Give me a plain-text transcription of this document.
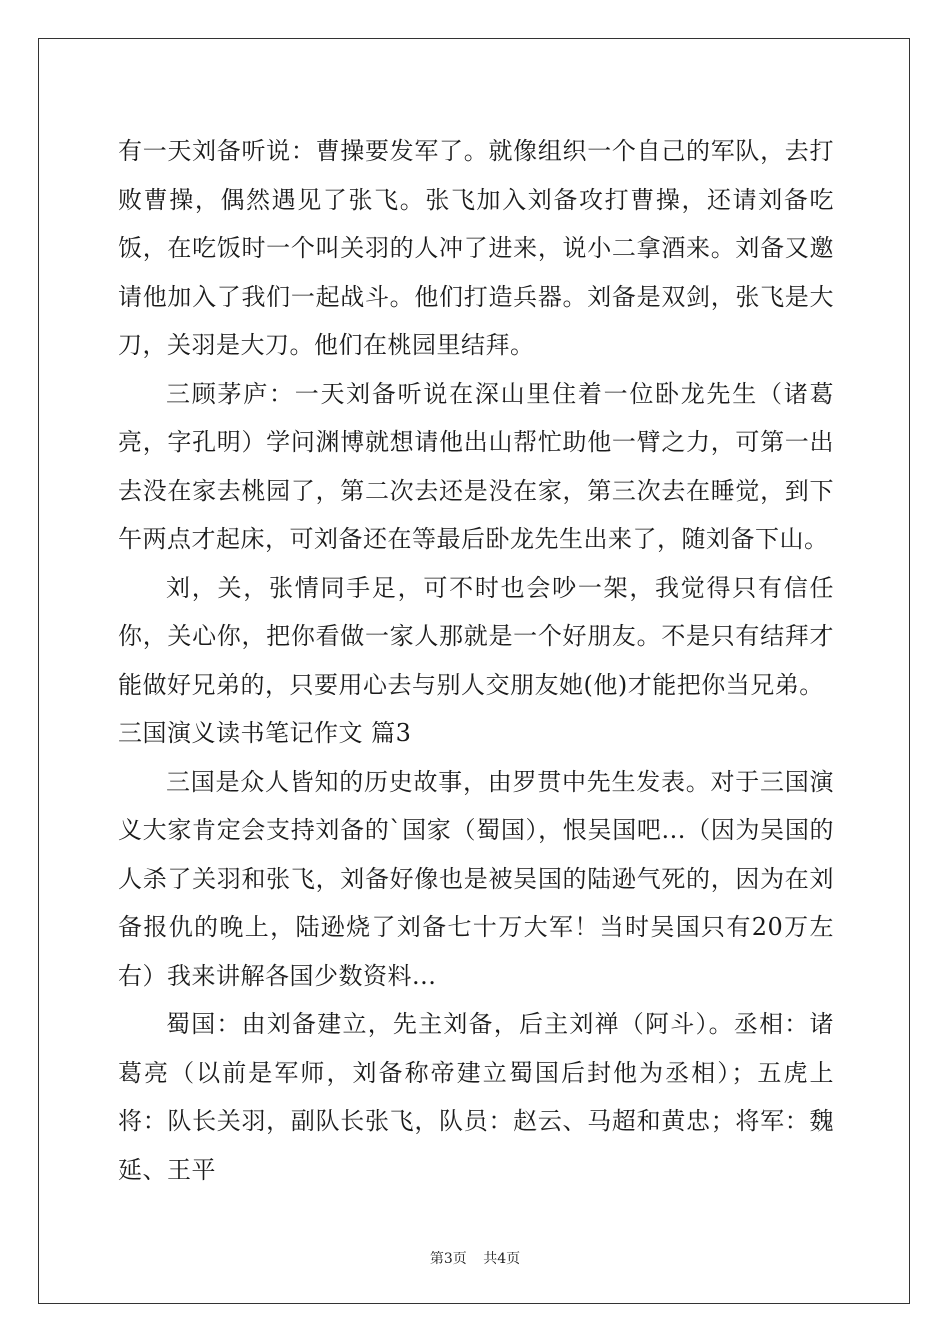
有一天刘备听说：曹操要发军了。就像组织一个自己的军队，去打败曹操，偶然遇见了张飞。张飞加入刘备攻打曹操，还请刘备吃饭，在吃饭时一个叫关羽的人冲了进来，说小二拿酒来。刘备又邀请他加入了我们一起战斗。他们打造兵器。刘备是双剑，张飞是大刀，关羽是大刀。他们在桃园里结拜。

三顾茅庐：一天刘备听说在深山里住着一位卧龙先生（诸葛亮，字孔明）学问渊博就想请他出山帮忙助他一臂之力，可第一出去没在家去桃园了，第二次去还是没在家，第三次去在睡觉，到下午两点才起床，可刘备还在等最后卧龙先生出来了，随刘备下山。

刘，关，张情同手足，可不时也会吵一架，我觉得只有信任你，关心你，把你看做一家人那就是一个好朋友。不是只有结拜才能做好兄弟的，只要用心去与别人交朋友她(他)才能把你当兄弟。

三国演义读书笔记作文 篇3

三国是众人皆知的历史故事，由罗贯中先生发表。对于三国演义大家肯定会支持刘备的`国家（蜀国），恨吴国吧...（因为吴国的人杀了关羽和张飞，刘备好像也是被吴国的陆逊气死的，因为在刘备报仇的晚上，陆逊烧了刘备七十万大军！当时吴国只有20万左右）我来讲解各国少数资料...

蜀国：由刘备建立，先主刘备，后主刘禅（阿斗）。丞相：诸葛亮（以前是军师，刘备称帝建立蜀国后封他为丞相）；五虎上将：队长关羽，副队长张飞，队员：赵云、马超和黄忠；将军：魏延、王平

第3页 共4页
